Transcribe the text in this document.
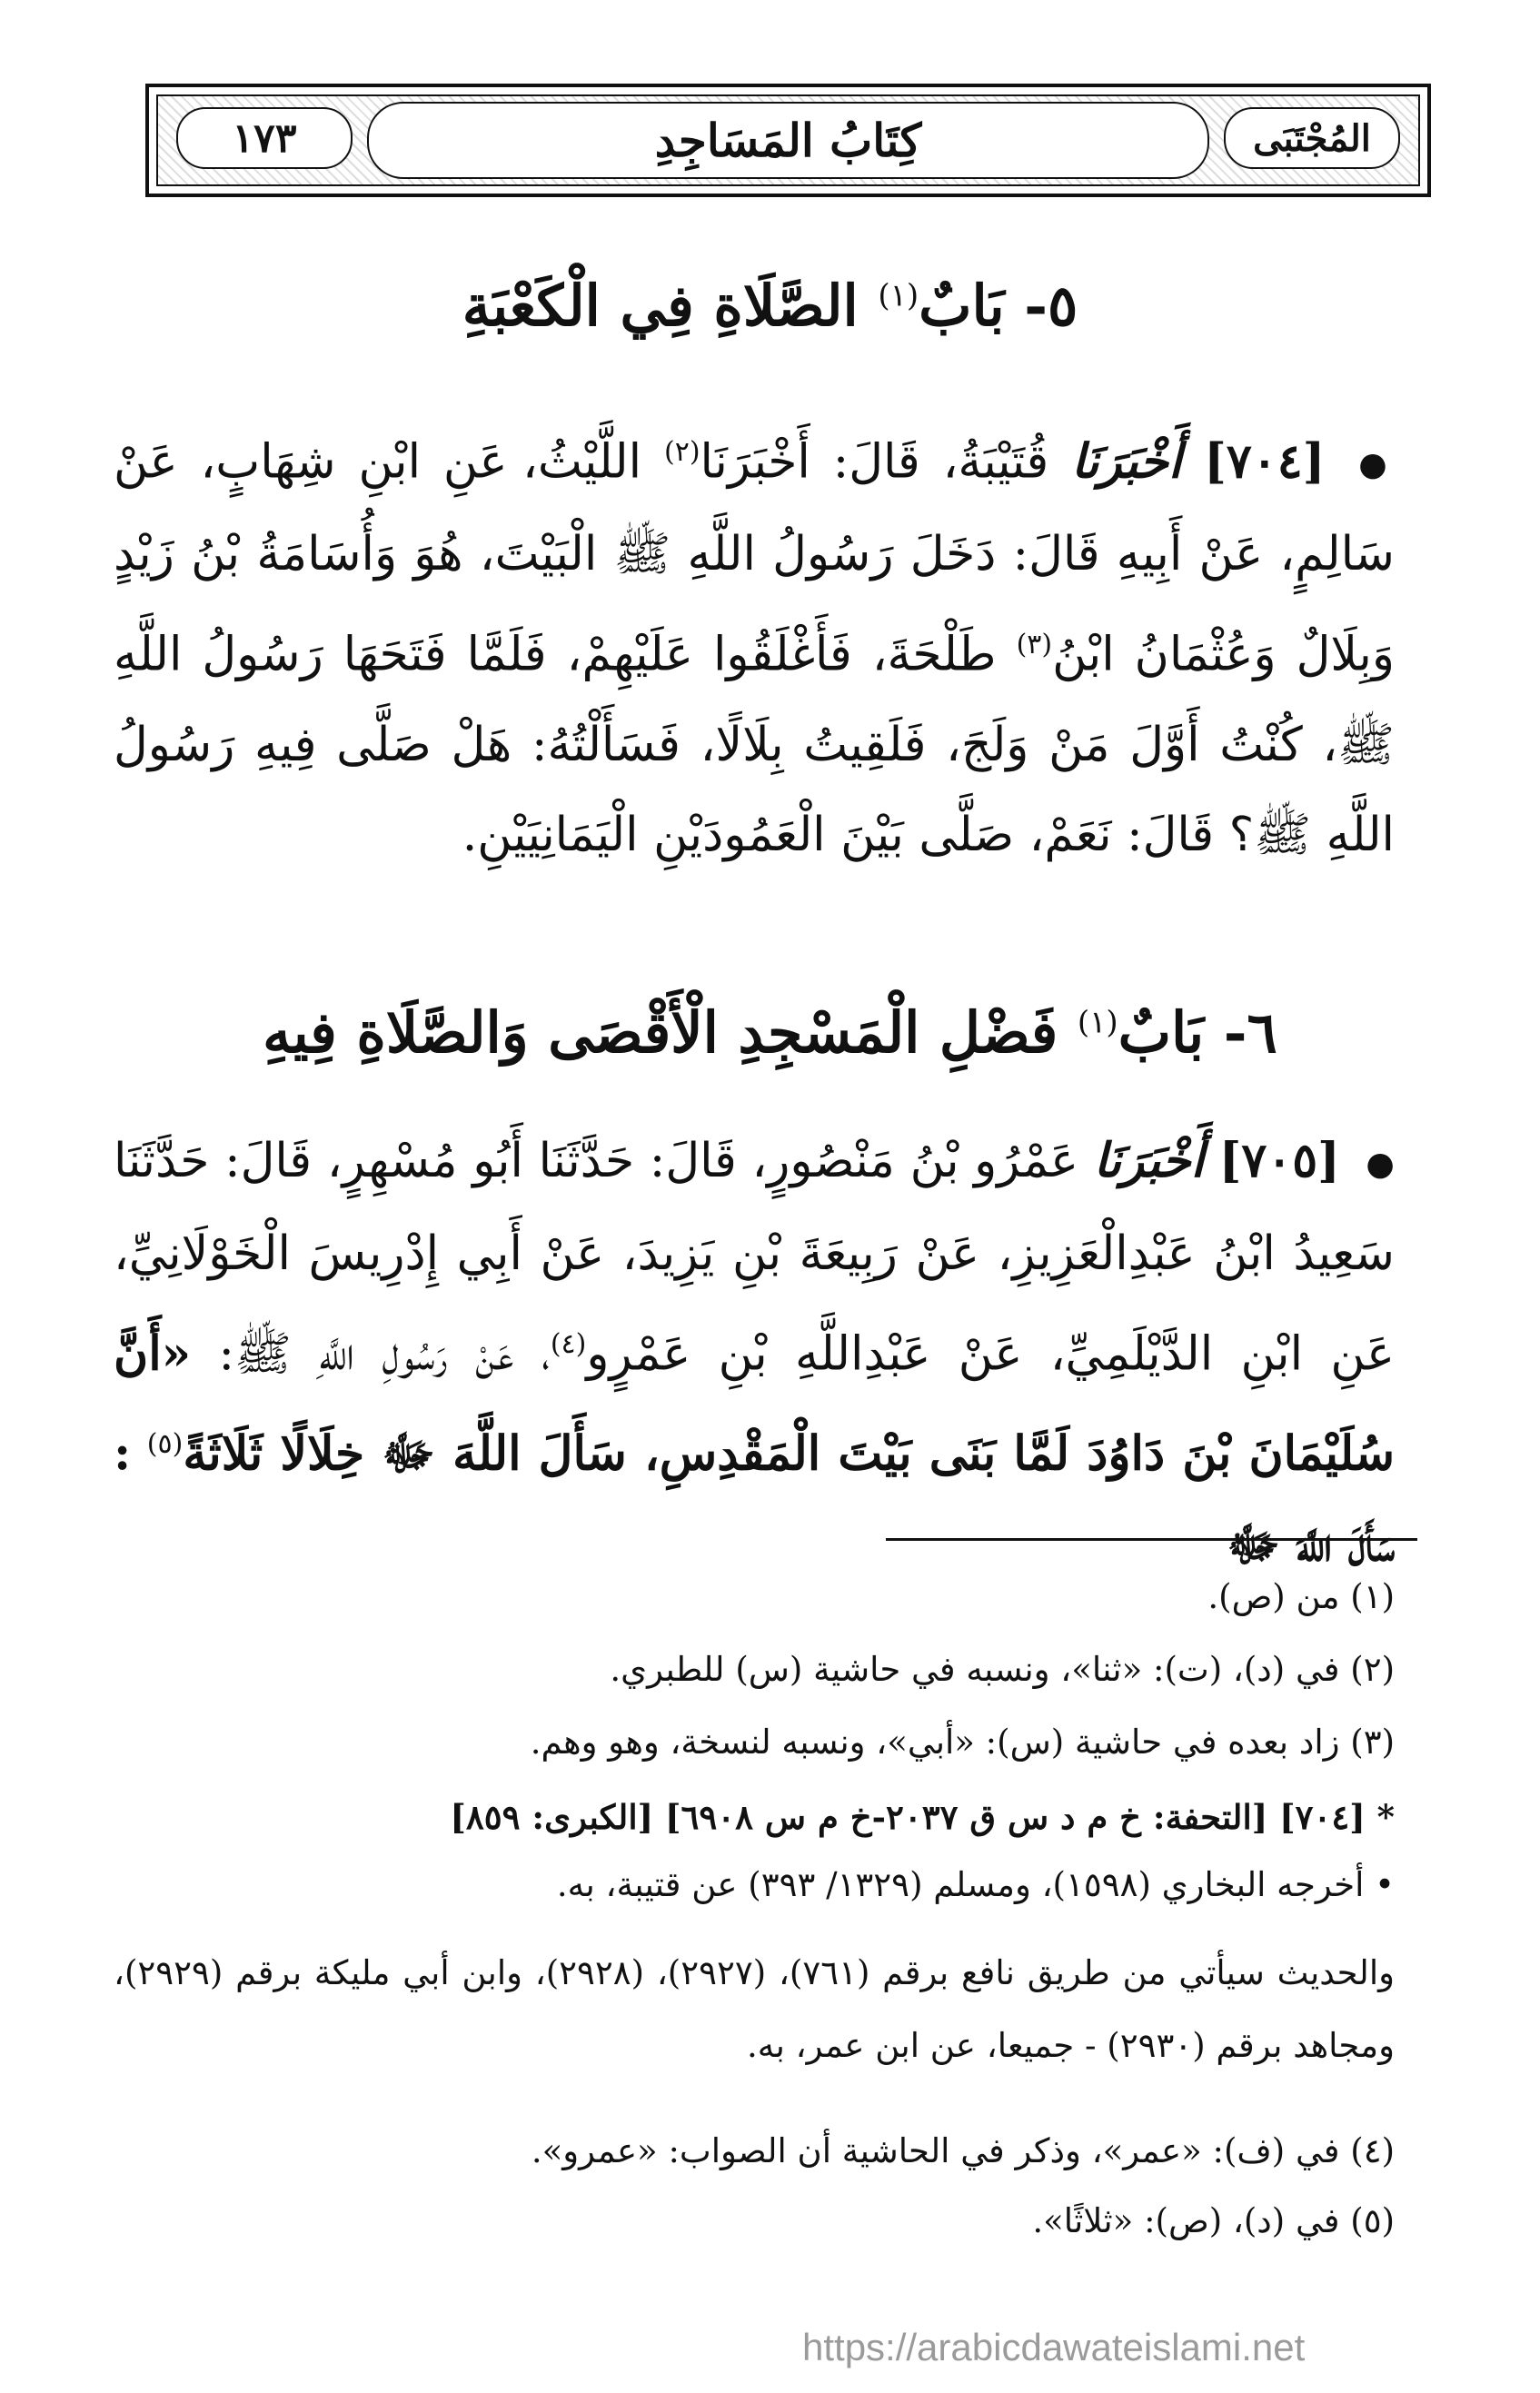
١٧٣	كِتَابُ المَسَاجِدِ	المُجْتَبَى
٥- بَابٌ$^{(١)}$ الصَّلَاةِ فِي الْكَعْبَةِ
● [٧٠٤] أَخْبَرَنَا قُتَيْبَةُ، قَالَ: أَخْبَرَنَا$^{(٢)}$ اللَّيْثُ، عَنِ ابْنِ شِهَابٍ، عَنْ سَالِمٍ، عَنْ أَبِيهِ قَالَ: دَخَلَ رَسُولُ اللَّهِ ﷺ الْبَيْتَ، هُوَ وَأُسَامَةُ بْنُ زَيْدٍ وَبِلَالٌ وَعُثْمَانُ ابْنُ$^{(٣)}$ طَلْحَةَ، فَأَغْلَقُوا عَلَيْهِمْ، فَلَمَّا فَتَحَهَا رَسُولُ اللَّهِ ﷺ، كُنْتُ أَوَّلَ مَنْ وَلَجَ، فَلَقِيتُ بِلَالًا، فَسَأَلْتُهُ: هَلْ صَلَّى فِيهِ رَسُولُ اللَّهِ ﷺ؟ قَالَ: نَعَمْ، صَلَّى بَيْنَ الْعَمُودَيْنِ الْيَمَانِيَيْنِ.
٦- بَابٌ$^{(١)}$ فَضْلِ الْمَسْجِدِ الْأَقْصَى وَالصَّلَاةِ فِيهِ
● [٧٠٥] أَخْبَرَنَا عَمْرُو بْنُ مَنْصُورٍ، قَالَ: حَدَّثَنَا أَبُو مُسْهِرٍ، قَالَ: حَدَّثَنَا سَعِيدُ ابْنُ عَبْدِالْعَزِيزِ، عَنْ رَبِيعَةَ بْنِ يَزِيدَ، عَنْ أَبِي إِدْرِيسَ الْخَوْلَانِيِّ، عَنِ ابْنِ الدَّيْلَمِيِّ، عَنْ عَبْدِاللَّهِ بْنِ عَمْرٍو$^{(٤)}$، عَنْ رَسُولِ اللَّهِ ﷺ: «أَنَّ سُلَيْمَانَ بْنَ دَاوُدَ لَمَّا بَنَى بَيْتَ الْمَقْدِسِ، سَأَلَ اللَّهَ ﷻ خِلَالًا ثَلَاثَةً$^{(٥)}$ : سَأَلَ اللَّهَ ﷻ
(١) من (ص).
(٢) في (د)، (ت): «ثنا»، ونسبه في حاشية (س) للطبري.
(٣) زاد بعده في حاشية (س): «أبي»، ونسبه لنسخة، وهو وهم.
* [٧٠٤] [التحفة: خ م د س ق ٢٠٣٧-خ م س ٦٩٠٨] [الكبرى: ٨٥٩]
• أخرجه البخاري (١٥٩٨)، ومسلم (١٣٢٩/ ٣٩٣) عن قتيبة، به.
والحديث سيأتي من طريق نافع برقم (٧٦١)، (٢٩٢٧)، (٢٩٢٨)، وابن أبي مليكة برقم (٢٩٢٩)، ومجاهد برقم (٢٩٣٠) - جميعا، عن ابن عمر، به.
(٤) في (ف): «عمر»، وذكر في الحاشية أن الصواب: «عمرو».
(٥) في (د)، (ص): «ثلاثًا».
https://arabicdawateislami.net
